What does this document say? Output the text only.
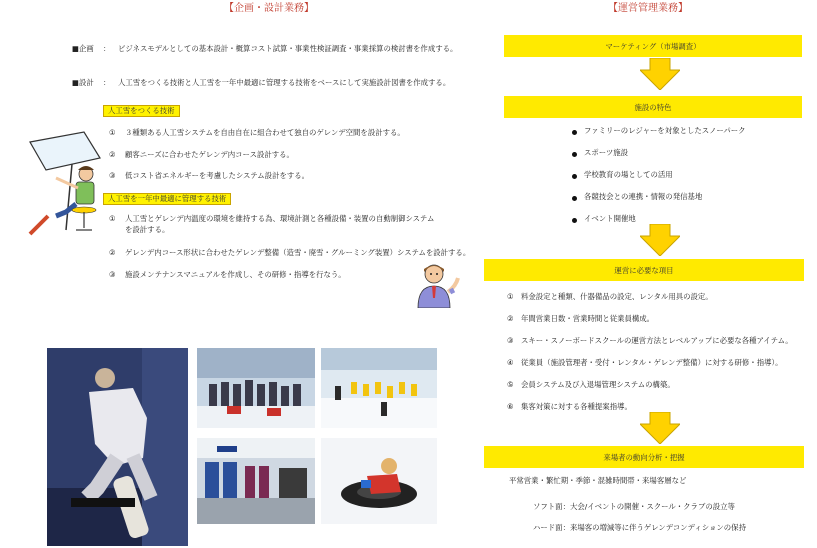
【企画・設計業務】
■企画 ： ビジネスモデルとしての基本設計・概算コスト試算・事業性検証調査・事業採算の検討書を作成する。
■設計 ： 人工雪をつくる技術と人工雪を一年中最適に管理する技術をベースにして実施設計図書を作成する。
人工雪をつくる技術
① ３種類ある人工雪システムを自由自在に組合わせて独自のゲレンデ空間を設計する。
② 顧客ニーズに合わせたゲレンデ内コース設計する。
③ 低コスト省エネルギーを考慮したシステム設計をする。
人工雪を一年中最適に管理する技術
① 人工雪とゲレンデ内温度の環境を維持する為、環境計測と各種設備・装置の自動制御システム
を設計する。
② ゲレンデ内コース形状に合わせたゲレンデ整備（造雪・廃雪・グルーミング装置）システムを設計する。
③ 施設メンテナンスマニュアルを作成し、その研修・指導を行なう。
【運営管理業務】
マーケティング（市場調査）
施設の特色
ファミリーのレジャーを対象としたスノーパーク
スポーツ施設
学校教育の場としての活用
各競技会との連携・情報の発信基地
イベント開催地
運営に必要な項目
① 料金設定と種類、什器備品の設定、レンタル用具の設定。
② 年間営業日数・営業時間と従業員構成。
③ スキー・スノーボードスクールの運営方法とレベルアップに必要な各種アイテム。
④ 従業員（施設管理者・受付・レンタル・ゲレンデ整備）に対する研修・指導）。
⑤ 会員システム及び入退場管理システムの構築。
⑥ 集客対策に対する各種提案指導。
来場者の動向分析・把握
平常営業・繁忙期・季節・混雑時間帯・来場客層など
ソフト面：大会/イベントの開催・スクール・クラブの設立等
ハード面：来場客の増減等に伴うゲレンデコンディションの保持
